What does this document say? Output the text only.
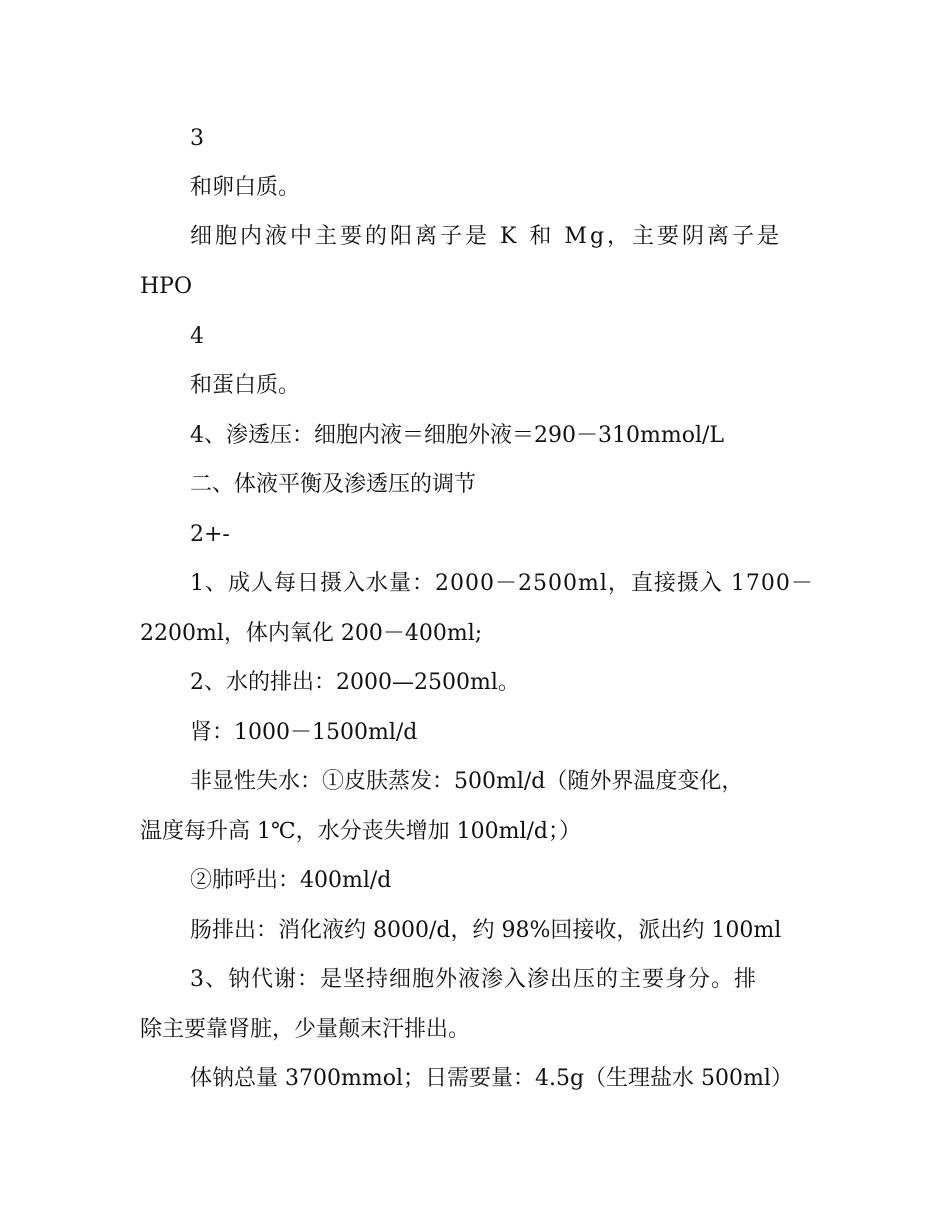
3
和卵白质。
细胞内液中主要的阳离子是 K 和 Mg，主要阴离子是
HPO
4
和蛋白质。
4、渗透压：细胞内液＝细胞外液＝290－310mmol/L
二、体液平衡及渗透压的调节
2+-
1、成人每日摄入水量：2000－2500ml，直接摄入 1700－
2200ml，体内氧化 200－400ml;
2、水的排出：2000—2500ml。
肾：1000－1500ml/d
非显性失水：①皮肤蒸发：500ml/d（随外界温度变化，
温度每升高 1℃，水分丧失增加 100ml/d；）
②肺呼出：400ml/d
肠排出：消化液约 8000/d，约 98%回接收，派出约 100ml
3、钠代谢：是坚持细胞外液渗入渗出压的主要身分。排
除主要靠肾脏，少量颠末汗排出。
体钠总量 3700mmol；日需要量：4.5g（生理盐水 500ml）
